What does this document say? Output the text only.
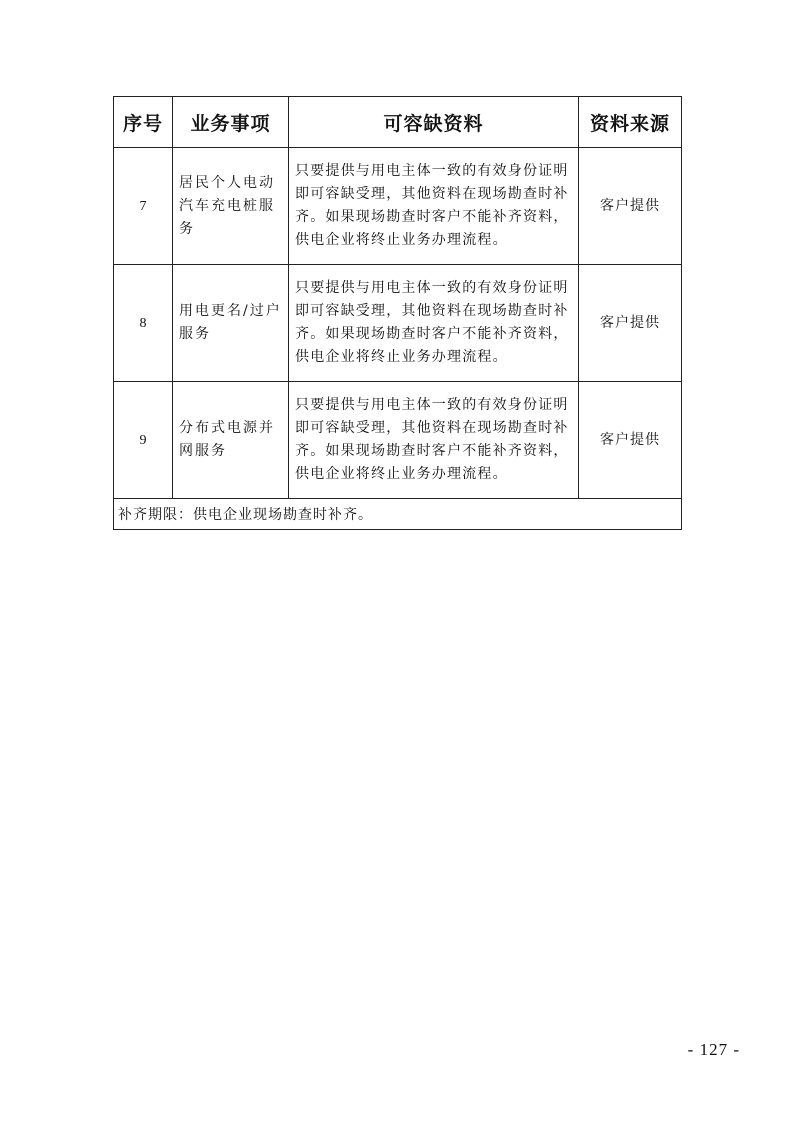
序号	业务事项	可容缺资料	资料来源
7	居民个人电动汽车充电桩服务	只要提供与用电主体一致的有效身份证明即可容缺受理，其他资料在现场勘查时补齐。如果现场勘查时客户不能补齐资料，供电企业将终止业务办理流程。	客户提供
8	用电更名/过户服务	只要提供与用电主体一致的有效身份证明即可容缺受理，其他资料在现场勘查时补齐。如果现场勘查时客户不能补齐资料，供电企业将终止业务办理流程。	客户提供
9	分布式电源并网服务	只要提供与用电主体一致的有效身份证明即可容缺受理，其他资料在现场勘查时补齐。如果现场勘查时客户不能补齐资料，供电企业将终止业务办理流程。	客户提供
补齐期限：供电企业现场勘查时补齐。			
- 127 -
